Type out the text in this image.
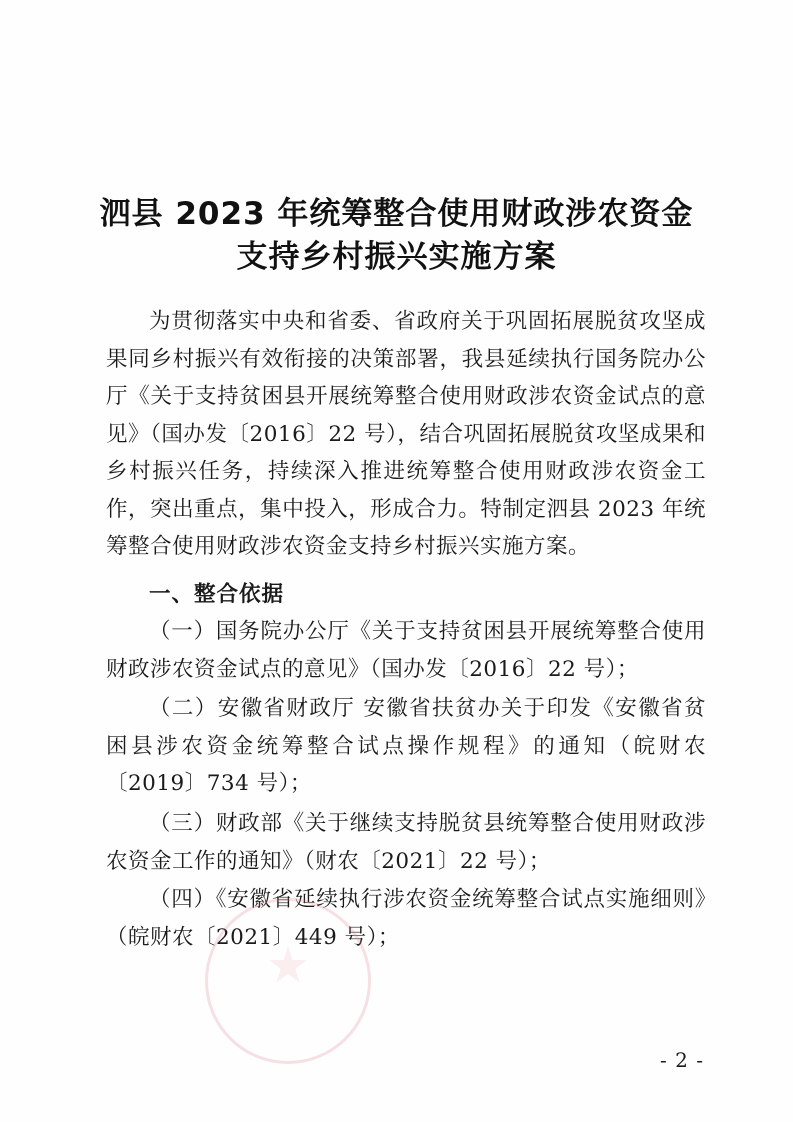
泗县 2023 年统筹整合使用财政涉农资金
支持乡村振兴实施方案
为贯彻落实中央和省委、省政府关于巩固拓展脱贫攻坚成果同乡村振兴有效衔接的决策部署，我县延续执行国务院办公厅《关于支持贫困县开展统筹整合使用财政涉农资金试点的意见》（国办发〔2016〕22 号），结合巩固拓展脱贫攻坚成果和乡村振兴任务，持续深入推进统筹整合使用财政涉农资金工作，突出重点，集中投入，形成合力。特制定泗县 2023 年统筹整合使用财政涉农资金支持乡村振兴实施方案。
一、整合依据
（一）国务院办公厅《关于支持贫困县开展统筹整合使用财政涉农资金试点的意见》（国办发〔2016〕22 号）；
（二）安徽省财政厅 安徽省扶贫办关于印发《安徽省贫困县涉农资金统筹整合试点操作规程》的通知（皖财农〔2019〕734 号）；
（三）财政部《关于继续支持脱贫县统筹整合使用财政涉农资金工作的通知》（财农〔2021〕22 号）；
（四）《安徽省延续执行涉农资金统筹整合试点实施细则》（皖财农〔2021〕449 号）；
- 2 -
